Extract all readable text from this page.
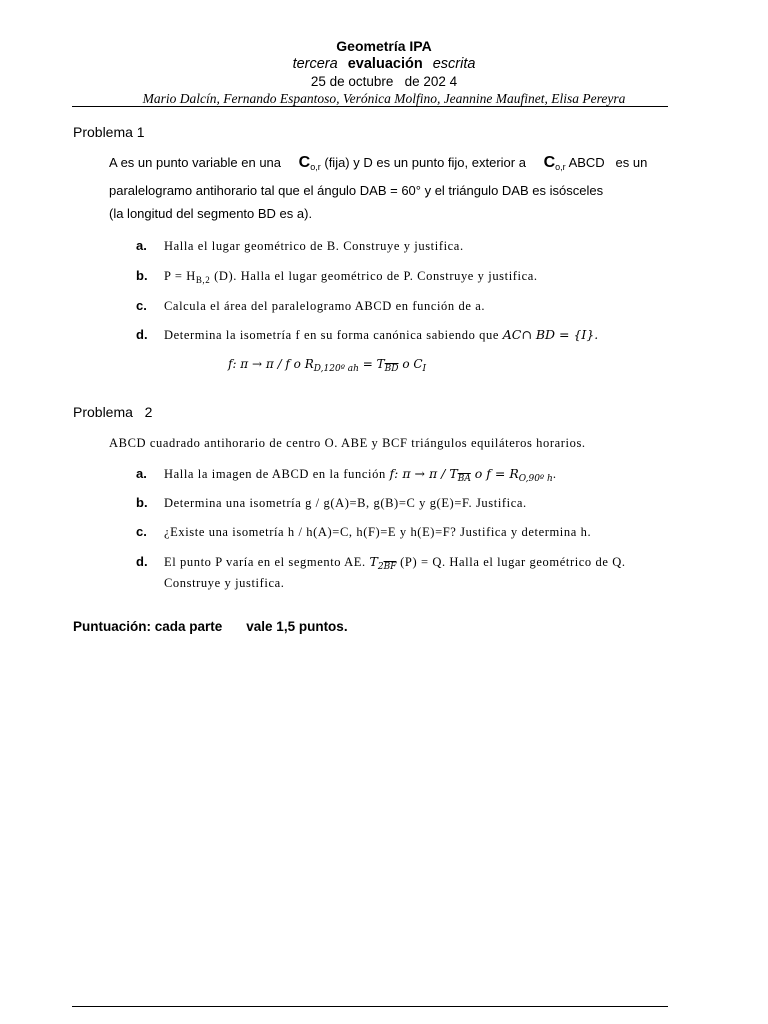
Geometría IPA
tercera evaluación escrita
25 de octubre   de 202 4
Mario Dalcín, Fernando Espantoso, Verónica Molfino, Jeannine Maufinet, Elisa Pereyra
Problema 1
A es un punto variable en una $C_{o,r}$ (fija) y D es un punto fijo, exterior a $C_{o,r}$ ABCD   es un
paralelogramo antihorario tal que el ángulo DAB = 60° y el triángulo DAB es isósceles
(la longitud del segmento BD es a).
a. Halla el lugar geométrico de B. Construye y justifica.
b. $P = H_{B,2}$ (D). Halla el lugar geométrico de P. Construye y justifica.
c. Calcula el área del paralelogramo ABCD en función de a.
d. Determina la isometría f en su forma canónica sabiendo que AC∩ BD = {I}.
f: π → π / f o $R_{D,120º ah} = T_{\overline{BD}}$ o $C_I$
Problema   2
ABCD cuadrado antihorario de centro O. ABE y BCF triángulos equiláteros horarios.
a. Halla la imagen de ABCD en la función f: $\pi \to \pi / T_{\overline{BA}}$ o $f = R_{O,90º h}$.
b. Determina una isometría g / g(A)=B, g(B)=C y g(E)=F. Justifica.
c. ¿Existe una isometría h / h(A)=C, h(F)=E y h(E)=F? Justifica y determina h.
d. El punto P varía en el segmento AE. $T_{2\overline{BF}}$ (P) = Q. Halla el lugar geométrico de Q. Construye y justifica.
Puntuación: cada parte vale 1,5 puntos.
